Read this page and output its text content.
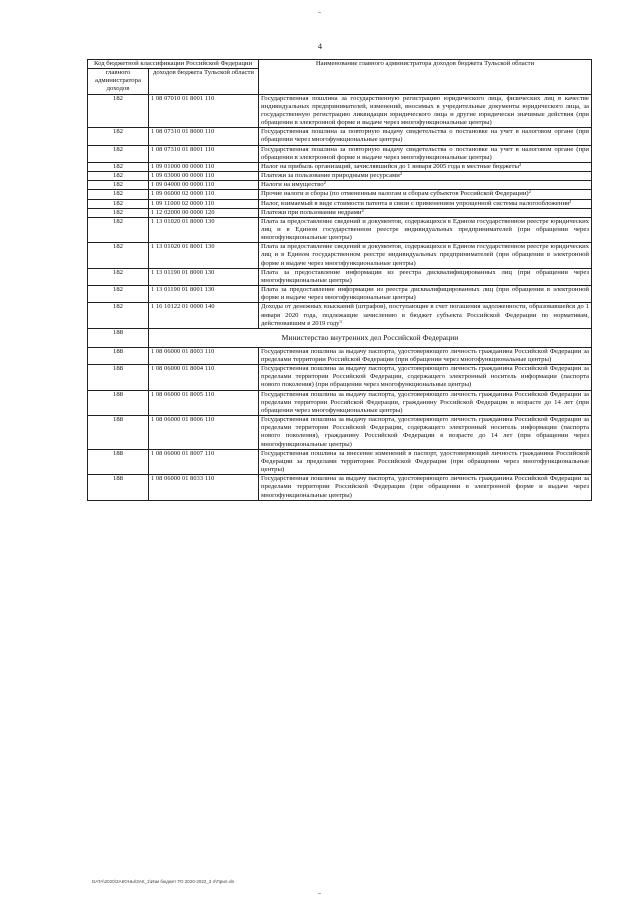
4
Код бюджетной классификации Российской Федерации		Наименование главного администратора доходов бюджета Тульской области
главного администратора доходов	доходов бюджета Тульской области	
182	1 08 07010 01 8001 110	Государственная пошлина за государственную регистрацию юридического лица, физических лиц в качестве индивидуальных предпринимателей, изменений, вносимых в учредительные документы юридического лица, за государственную регистрацию ликвидации юридического лица и другие юридически значимые действия (при обращении в электронной форме и выдаче через многофункциональные центры)
182	1 08 07310 01 8000 110	Государственная пошлина за повторную выдачу свидетельства о постановке на учет в налоговом органе (при обращении через многофункциональные центры)
182	1 08 07310 01 8001 110	Государственная пошлина за повторную выдачу свидетельства о постановке на учет в налоговом органе (при обращении в электронной форме и выдаче через многофункциональные центры)
182	1 09 01000 00 0000 110	Налог на прибыль организаций, зачислявшийся до 1 января 2005 года в местные бюджеты$^2$
182	1 09 03000 00 0000 110	Платежи за пользование природными ресурсами$^2$
182	1 09 04000 00 0000 110	Налоги на имущество$^2$
182	1 09 06000 02 0000 110	Прочие налоги и сборы (по отмененным налогам и сборам субъектов Российской Федерации)$^2$
182	1 09 11000 02 0000 110	Налог, взимаемый в виде стоимости патента в связи с применением упрощенной системы налогообложения$^2$
182	1 12 02000 00 0000 120	Платежи при пользовании недрами$^2$
182	1 13 01020 01 8000 130	Плата за предоставление сведений и документов, содержащихся в Едином государственном реестре юридических лиц и в Едином государственном реестре индивидуальных предпринимателей (при обращении через многофункциональные центры)
182	1 13 01020 01 8001 130	Плата за предоставление сведений и документов, содержащихся в Едином государственном реестре юридических лиц и в Едином государственном реестре индивидуальных предпринимателей (при обращении в электронной форме и выдаче через многофункциональные центры)
182	1 13 01190 01 8000 130	Плата за предоставление информации из реестра дисквалифицированных лиц (при обращении через многофункциональные центры)
182	1 13 01190 01 8001 130	Плата за предоставление информации из реестра дисквалифицированных лиц (при обращении в электронной форме и выдаче через многофункциональные центры)
182	1 16 10122 01 0000 140	Доходы от денежных взысканий (штрафов), поступающие в счет погашения задолженности, образовавшейся до 1 января 2020 года, подлежащие зачислению в бюджет субъекта Российской Федерации по нормативам, действовавшим в 2019 году$^3$
188	Министерство внутренних дел Российской Федерации	
188	1 08 06000 01 8003 110	Государственная пошлина за выдачу паспорта, удостоверяющего личность гражданина Российской Федерации за пределами территории Российской Федерации (при обращении через многофункциональные центры)
188	1 08 06000 01 8004 110	Государственная пошлина за выдачу паспорта, удостоверяющего личность гражданина Российской Федерации за пределами территории Российской Федерации, содержащего электронный носитель информации (паспорта нового поколения) (при обращении через многофункциональные центры)
188	1 08 06000 01 8005 110	Государственная пошлина за выдачу паспорта, удостоверяющего личность гражданина Российской Федерации за пределами территории Российской Федерации, гражданину Российской Федерации в возрасте до 14 лет (при обращении через многофункциональные центры)
188	1 08 06000 01 8006 110	Государственная пошлина за выдачу паспорта, удостоверяющего личность гражданина Российской Федерации за пределами территории Российской Федерации, содержащего электронный носитель информации (паспорта нового поколения), гражданину Российской Федерации в возрасте до 14 лет (при обращении через многофункциональные центры)
188	1 08 06000 01 8007 110	Государственная пошлина за внесение изменений в паспорт, удостоверяющий личность гражданина Российской Федерации за пределами территории Российской Федерации (при обращении через многофункциональные центры)
188	1 08 06000 01 8033 110	Государственная пошлина за выдачу паспорта, удостоверяющего личность гражданина Российской Федерации за пределами территории Российской Федерации (при обращении в электронной форме и выдаче через многофункциональные центры)
DATA\2020\ЗАКОНЫ\ЗАК_1\Изм бюджет ТО 2020-2022_3 л\Прил.xls
